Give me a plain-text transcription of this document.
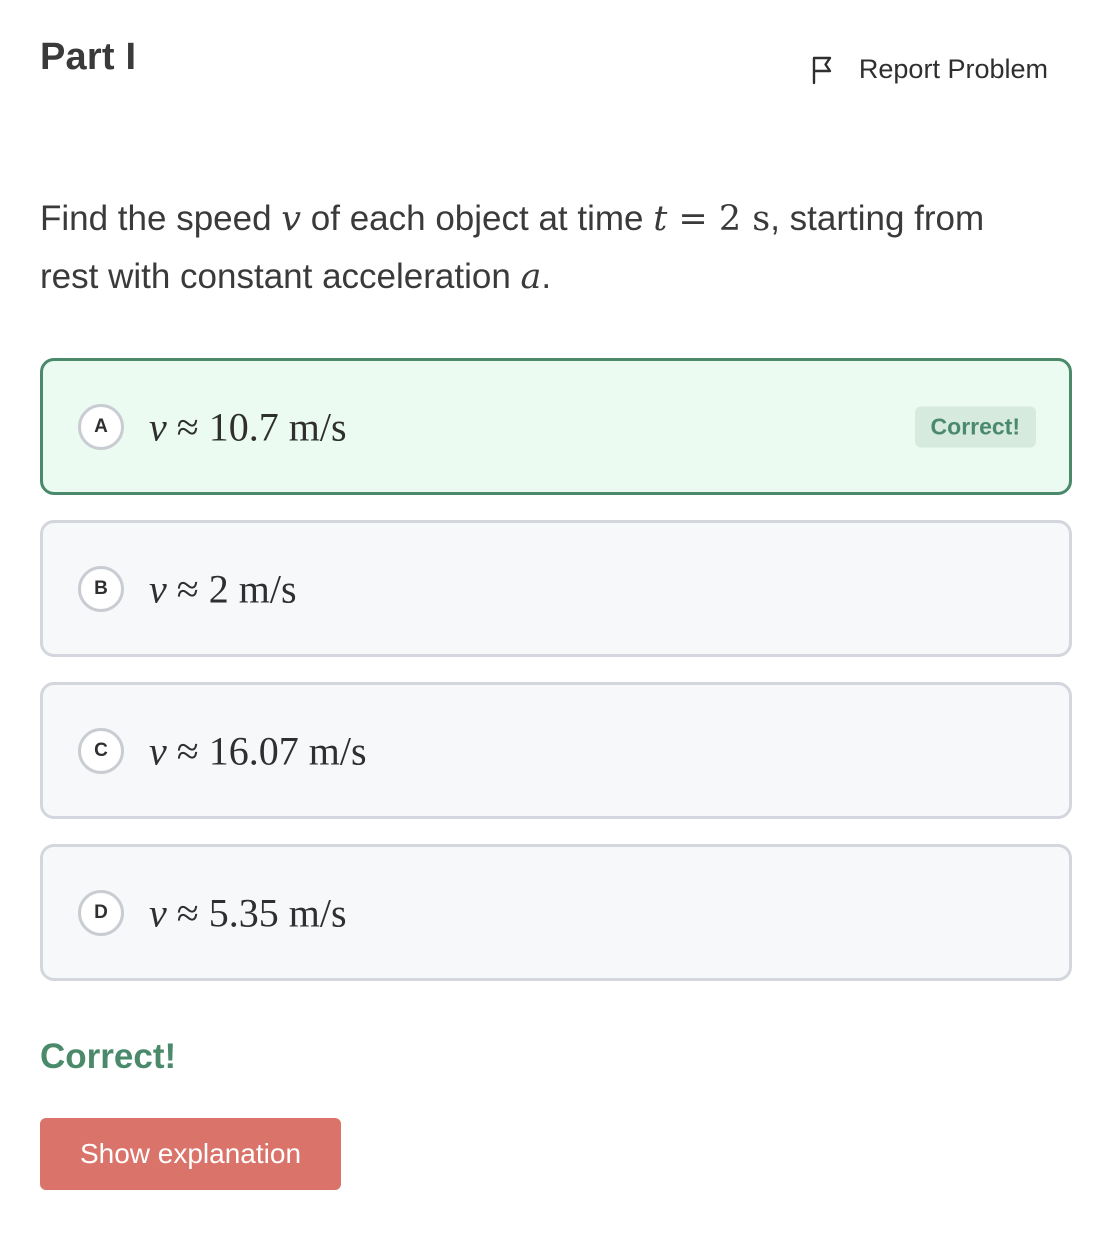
Part I	Report Problem
Find the speed v of each object at time t = 2 s, starting from rest with constant acceleration a.
A	v ≈ 10.7 m/s	Correct!
B	v ≈ 2 m/s
C	v ≈ 16.07 m/s
D	v ≈ 5.35 m/s
Correct!
Show explanation
